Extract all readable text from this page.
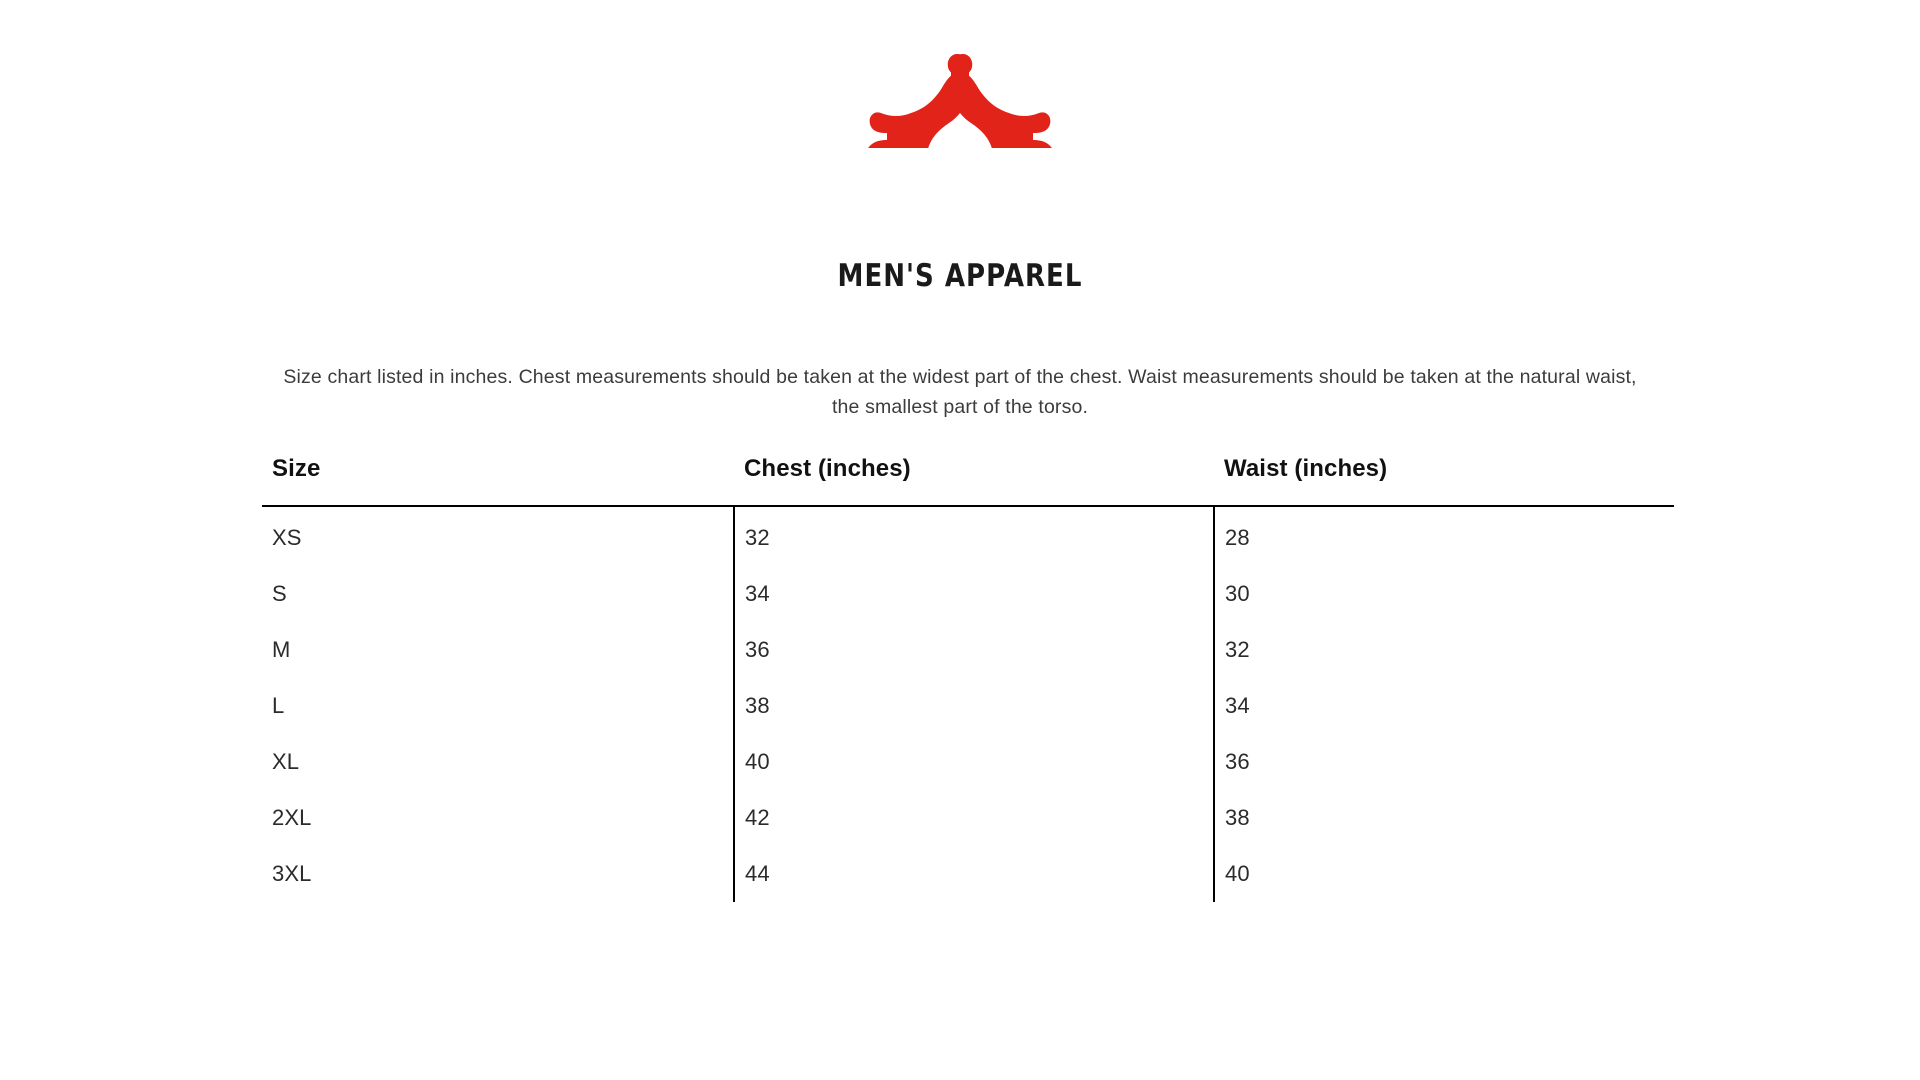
MEN'S APPAREL
Size chart listed in inches. Chest measurements should be taken at the widest part of the chest. Waist measurements should be taken at the natural waist, the smallest part of the torso.
Size	Chest (inches)	Waist (inches)
XS	32	28
S	34	30
M	36	32
L	38	34
XL	40	36
2XL	42	38
3XL	44	40
